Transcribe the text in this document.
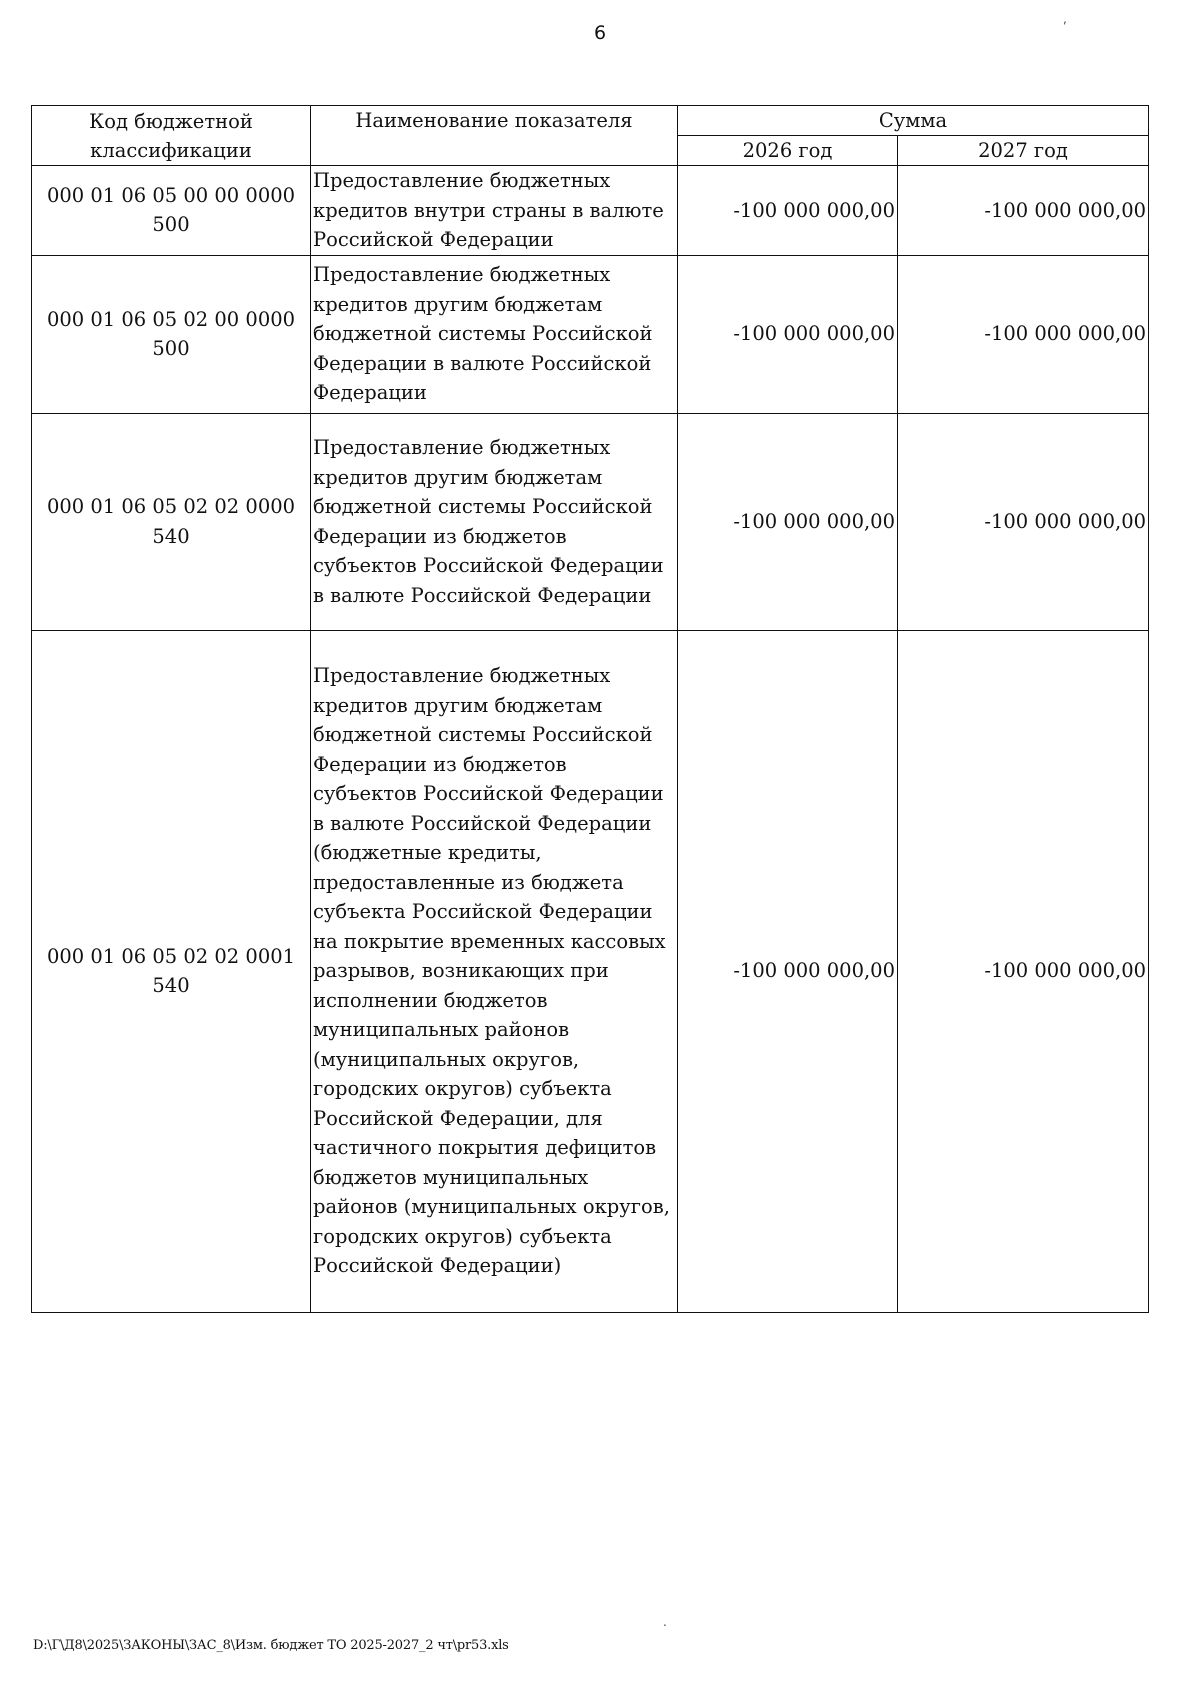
6
,
Код бюджетной классификации	Наименование показателя	Сумма	
		2026 год	2027 год
000 01 06 05 00 00 0000 500	Предоставление бюджетных кредитов внутри страны в валюте Российской Федерации	-100 000 000,00	-100 000 000,00
000 01 06 05 02 00 0000 500	Предоставление бюджетных кредитов другим бюджетам бюджетной системы Российской Федерации в валюте Российской Федерации	-100 000 000,00	-100 000 000,00
000 01 06 05 02 02 0000 540	Предоставление бюджетных кредитов другим бюджетам бюджетной системы Российской Федерации из бюджетов субъектов Российской Федерации в валюте Российской Федерации	-100 000 000,00	-100 000 000,00
000 01 06 05 02 02 0001 540	Предоставление бюджетных кредитов другим бюджетам бюджетной системы Российской Федерации из бюджетов субъектов Российской Федерации в валюте Российской Федерации (бюджетные кредиты, предоставленные из бюджета субъекта Российской Федерации на покрытие временных кассовых разрывов, возникающих при исполнении бюджетов муниципальных районов (муниципальных округов, городских округов) субъекта Российской Федерации, для частичного покрытия дефицитов бюджетов муниципальных районов (муниципальных округов, городских округов) субъекта Российской Федерации)	-100 000 000,00	-100 000 000,00
.
D:\Г\Д8\2025\ЗАКОНЫ\ЗАС_8\Изм. бюджет ТО 2025-2027_2 чт\pr53.xls
